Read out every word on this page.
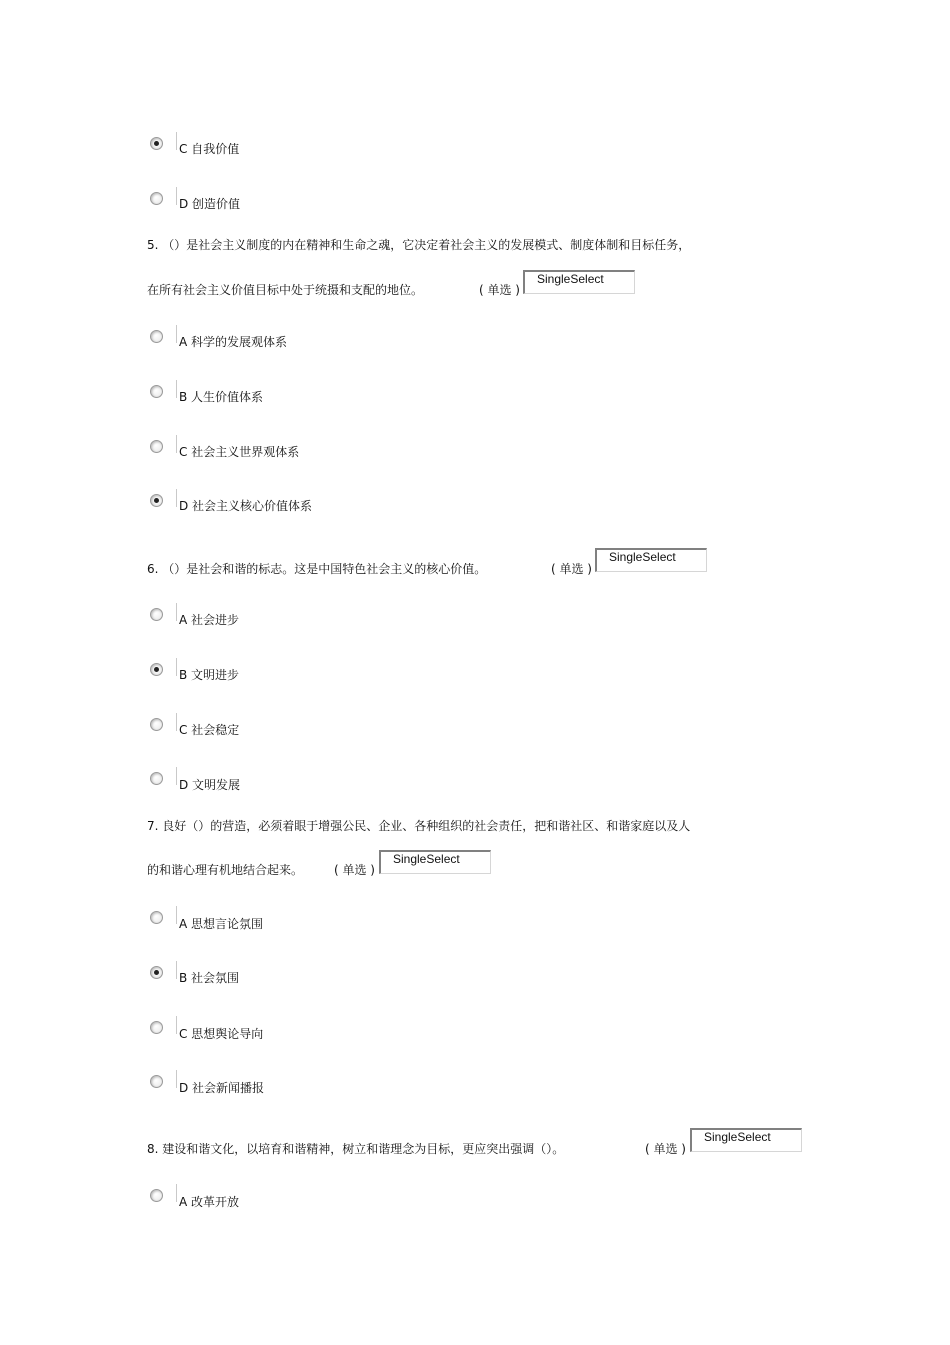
C 自我价值
D 创造价值
5. （）是社会主义制度的内在精神和生命之魂，它决定着社会主义的发展模式、制度体制和目标任务，
在所有社会主义价值目标中处于统摄和支配的地位。	( 单选 )
SingleSelect
A 科学的发展观体系
B 人生价值体系
C 社会主义世界观体系
D 社会主义核心价值体系
6. （）是社会和谐的标志。这是中国特色社会主义的核心价值。	( 单选 )
SingleSelect
A 社会进步
B 文明进步
C 社会稳定
D 文明发展
7. 良好（）的营造，必须着眼于增强公民、企业、各种组织的社会责任，把和谐社区、和谐家庭以及人
的和谐心理有机地结合起来。	( 单选 )
SingleSelect
A 思想言论氛围
B 社会氛围
C 思想舆论导向
D 社会新闻播报
8. 建设和谐文化，以培育和谐精神，树立和谐理念为目标，更应突出强调（）。	( 单选 )
SingleSelect
A 改革开放
